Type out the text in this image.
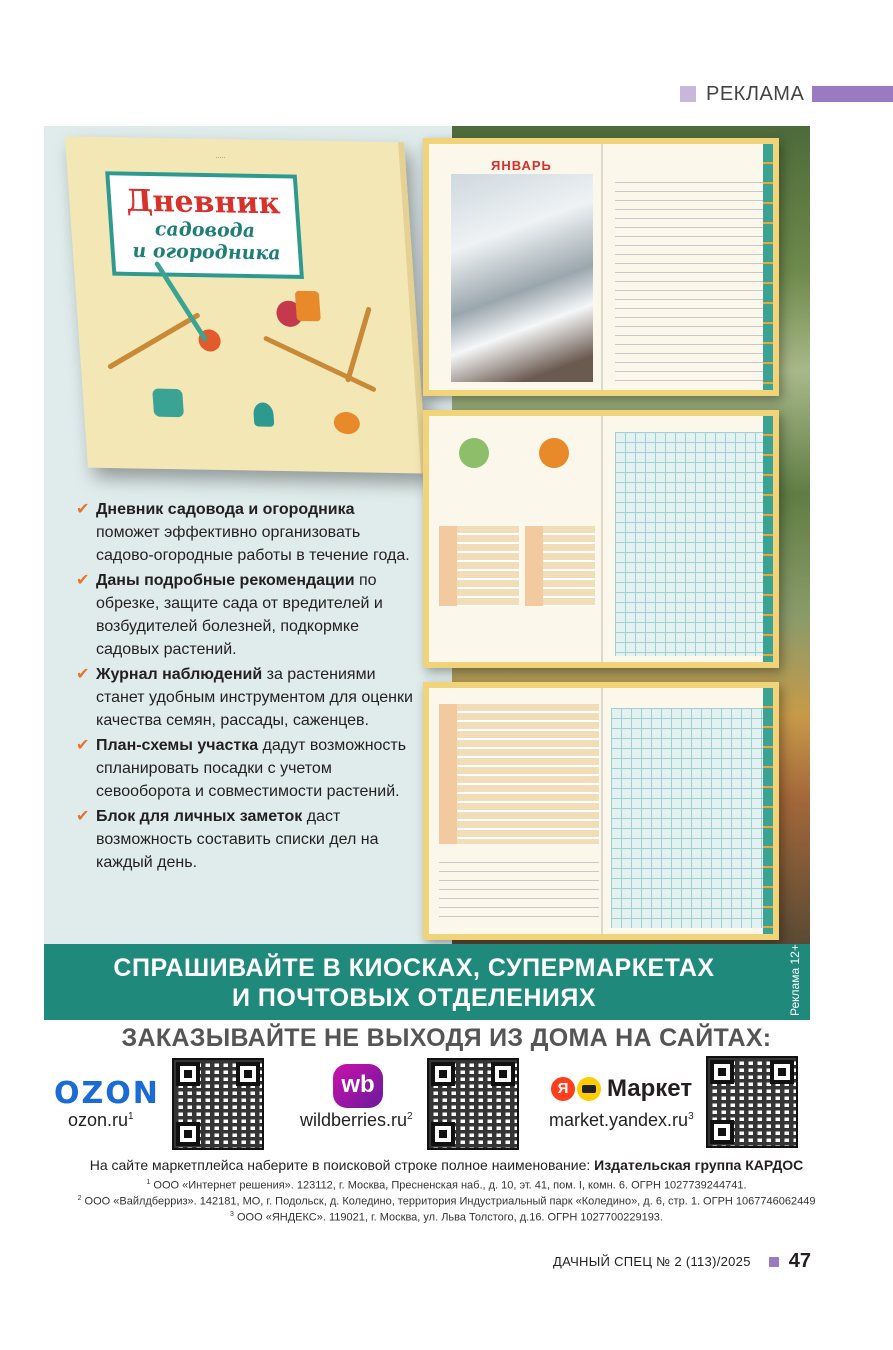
РЕКЛАМА
·····
Дневник
садовода
и огородника
✔ Дневник садовода и огородника поможет эффективно организовать садово-огородные работы в течение года.
✔ Даны подробные рекомендации по обрезке, защите сада от вредителей и возбудителей болезней, подкормке садовых растений.
✔ Журнал наблюдений за растениями станет удобным инструментом для оценки качества семян, рассады, саженцев.
✔ План-схемы участка дадут возможность спланировать посадки с учетом севооборота и совместимости растений.
✔ Блок для личных заметок даст возможность составить списки дел на каждый день.
ЯНВАРЬ
СПРАШИВАЙТЕ В КИОСКАХ, СУПЕРМАРКЕТАХ
И ПОЧТОВЫХ ОТДЕЛЕНИЯХ	Реклама 12+
ЗАКАЗЫВАЙТЕ НЕ ВЫХОДЯ ИЗ ДОМА НА САЙТАХ:
OZON
$ozon.ru^1$
wb
$wildberries.ru^2$
Я Маркет
$market.yandex.ru^3$
На сайте маркетплейса наберите в поисковой строке полное наименование: Издательская группа КАРДОС
$^1$ ООО «Интернет решения». 123112, г. Москва, Пресненская наб., д. 10, эт. 41, пом. I, комн. 6. ОГРН 1027739244741.
$^2$ ООО «Вайлдберриз». 142181, МО, г. Подольск, д. Коледино, территория Индустриальный парк «Коледино», д. 6, стр. 1. ОГРН 1067746062449
$^3$ ООО «ЯНДЕКС». 119021, г. Москва, ул. Льва Толстого, д.16. ОГРН 1027700229193.
ДАЧНЫЙ СПЕЦ № 2 (113)/2025 47
